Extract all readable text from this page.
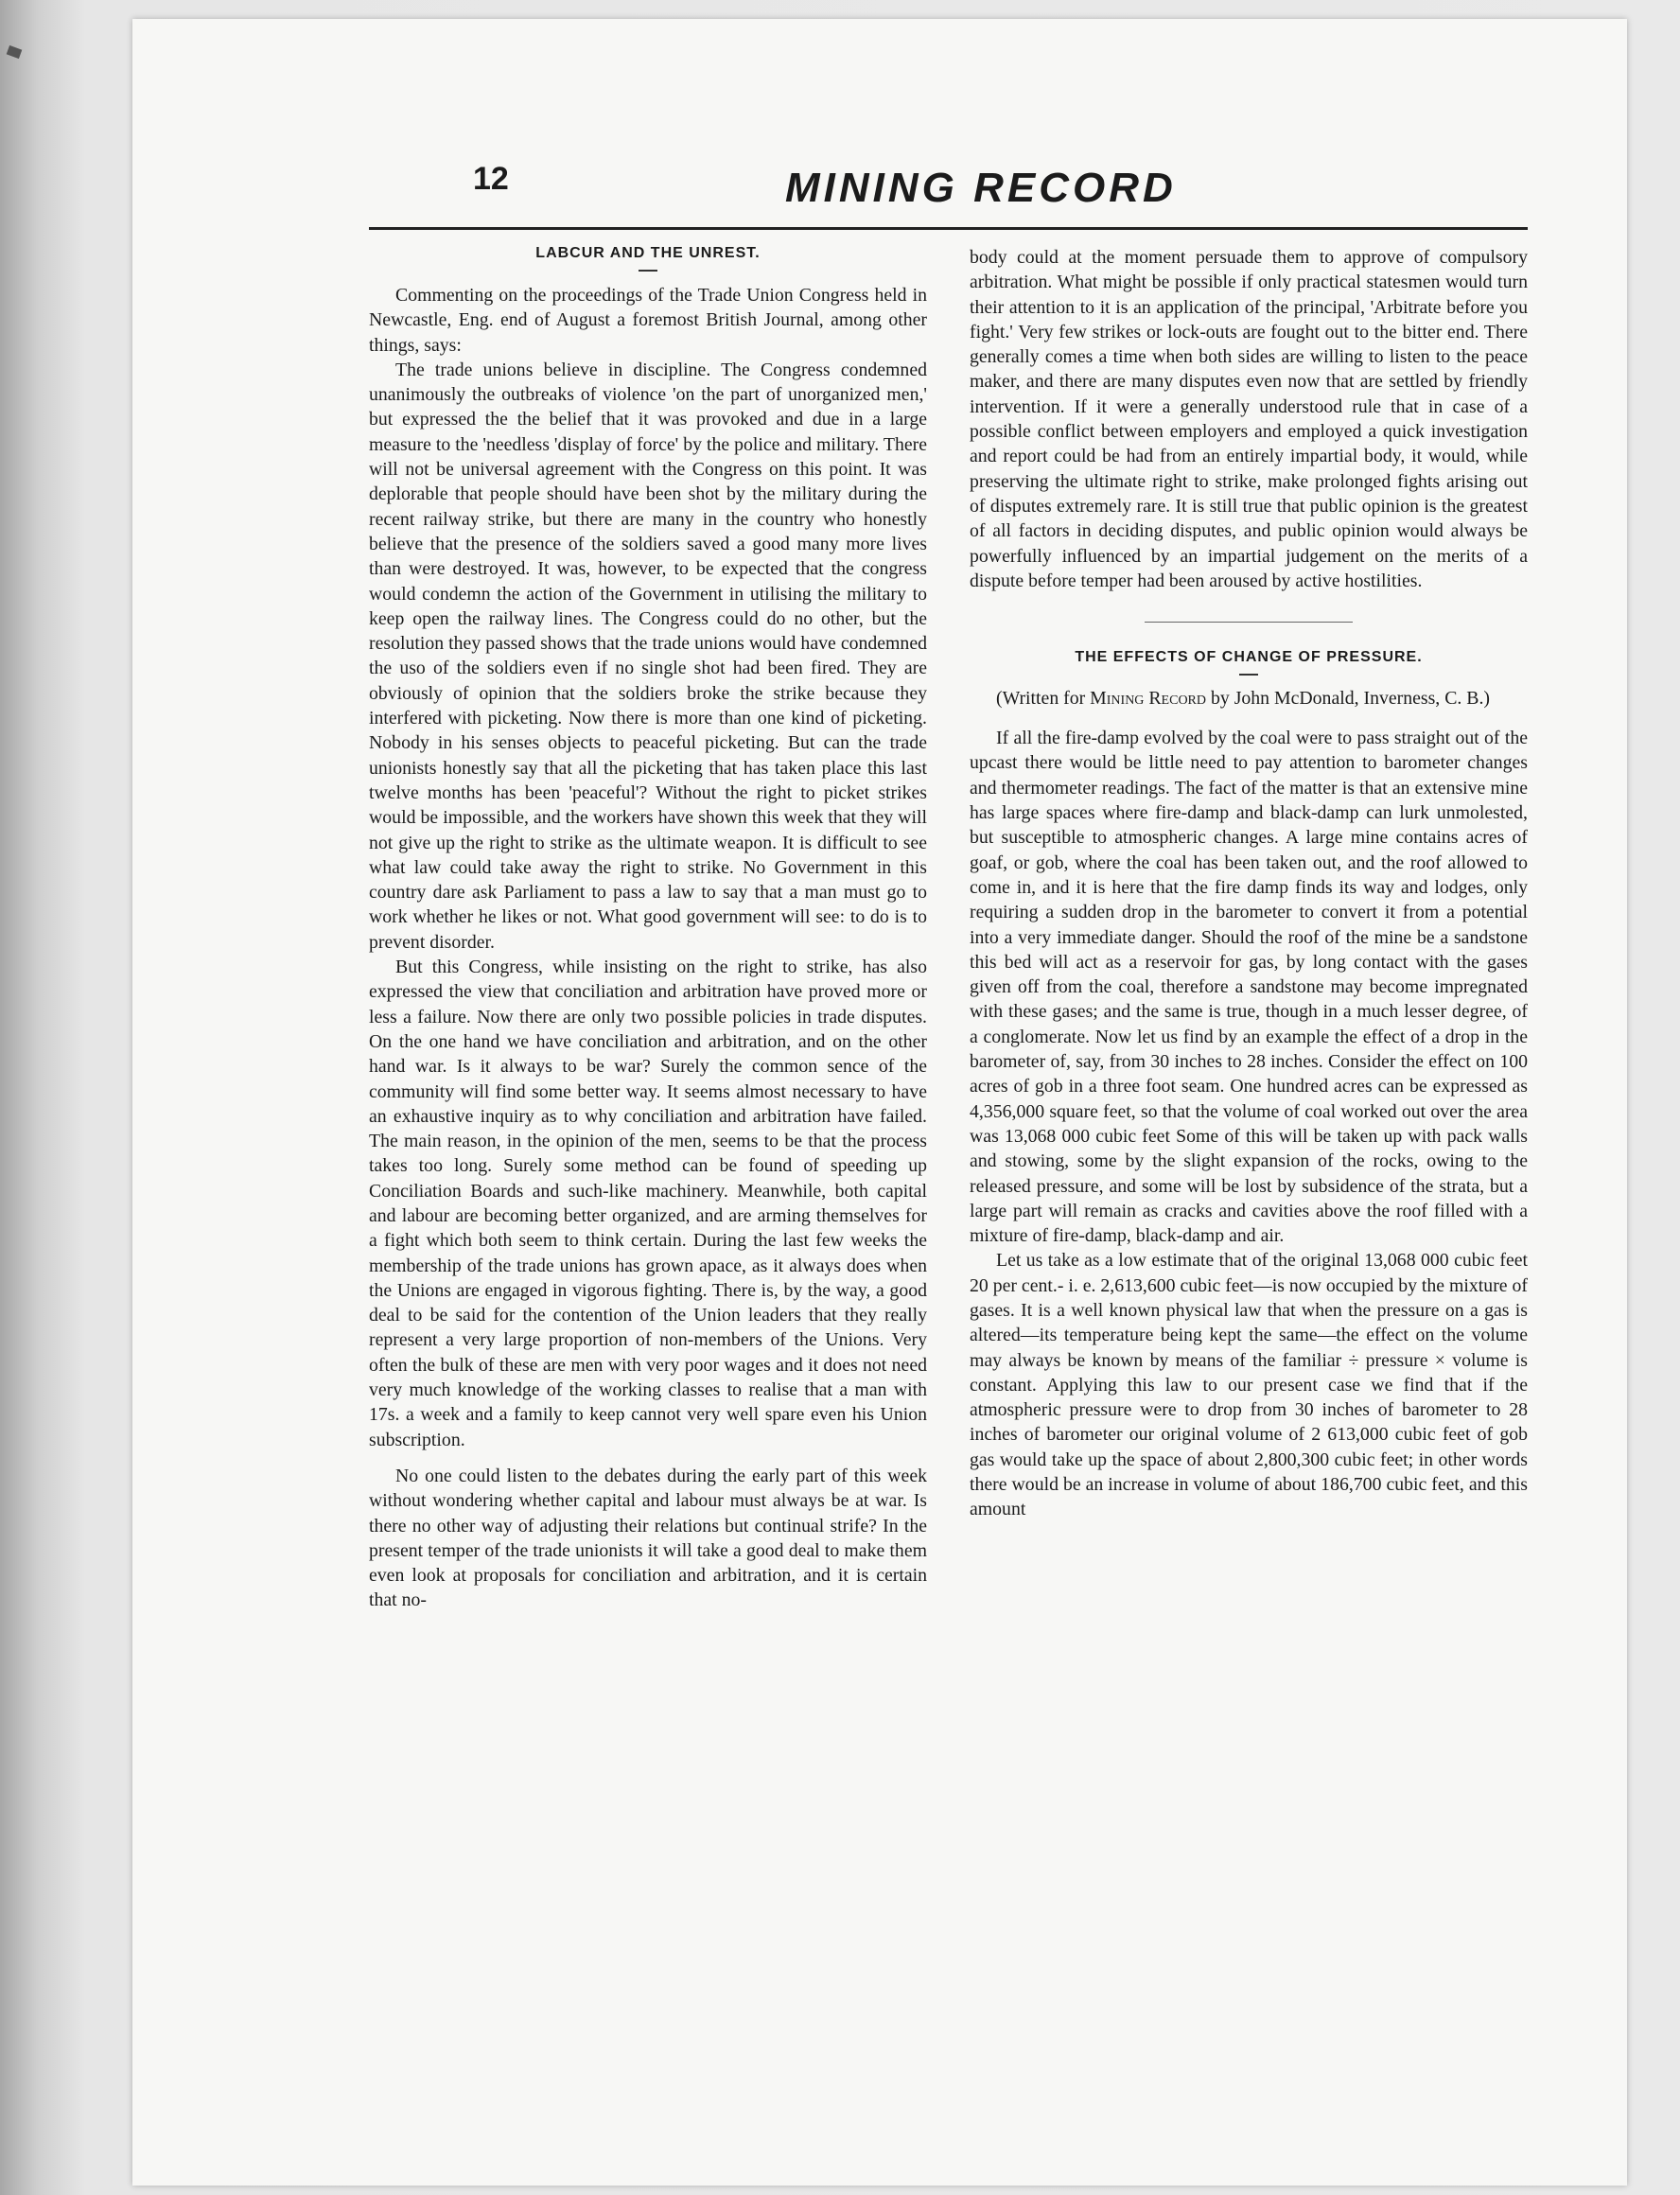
12	MINING RECORD
LABCUR AND THE UNREST.

Commenting on the proceedings of the Trade Union Congress held in Newcastle, Eng. end of August a foremost British Journal, among other things, says:

The trade unions believe in discipline. The Congress condemned unanimously the outbreaks of violence 'on the part of unorganized men,' but expressed the the belief that it was provoked and due in a large measure to the 'needless 'display of force' by the police and military. There will not be universal agreement with the Congress on this point. It was deplorable that people should have been shot by the military during the recent railway strike, but there are many in the country who honestly believe that the presence of the soldiers saved a good many more lives than were destroyed. It was, however, to be expected that the congress would condemn the action of the Government in utilising the military to keep open the railway lines. The Congress could do no other, but the resolution they passed shows that the trade unions would have condemned the uso of the soldiers even if no single shot had been fired. They are obviously of opinion that the soldiers broke the strike because they interfered with picketing. Now there is more than one kind of picketing. Nobody in his senses objects to peaceful picketing. But can the trade unionists honestly say that all the picketing that has taken place this last twelve months has been 'peaceful'? Without the right to picket strikes would be impossible, and the workers have shown this week that they will not give up the right to strike as the ultimate weapon. It is difficult to see what law could take away the right to strike. No Government in this country dare ask Parliament to pass a law to say that a man must go to work whether he likes or not. What good government will see: to do is to prevent disorder.

But this Congress, while insisting on the right to strike, has also expressed the view that conciliation and arbitration have proved more or less a failure. Now there are only two possible policies in trade disputes. On the one hand we have conciliation and arbitration, and on the other hand war. Is it always to be war? Surely the common sence of the community will find some better way. It seems almost necessary to have an exhaustive inquiry as to why conciliation and arbitration have failed. The main reason, in the opinion of the men, seems to be that the process takes too long. Surely some method can be found of speeding up Conciliation Boards and such-like machinery. Meanwhile, both capital and labour are becoming better organized, and are arming themselves for a fight which both seem to think certain. During the last few weeks the membership of the trade unions has grown apace, as it always does when the Unions are engaged in vigorous fighting. There is, by the way, a good deal to be said for the contention of the Union leaders that they really represent a very large proportion of non-members of the Unions. Very often the bulk of these are men with very poor wages and it does not need very much knowledge of the working classes to realise that a man with 17s. a week and a family to keep cannot very well spare even his Union subscription.

No one could listen to the debates during the early part of this week without wondering whether capital and labour must always be at war. Is there no other way of adjusting their relations but continual strife? In the present temper of the trade unionists it will take a good deal to make them even look at proposals for conciliation and arbitration, and it is certain that no-

body could at the moment persuade them to approve of compulsory arbitration. What might be possible if only practical statesmen would turn their attention to it is an application of the principal, 'Arbitrate before you fight.' Very few strikes or lock-outs are fought out to the bitter end. There generally comes a time when both sides are willing to listen to the peace maker, and there are many disputes even now that are settled by friendly intervention. If it were a generally understood rule that in case of a possible conflict between employers and employed a quick investigation and report could be had from an entirely impartial body, it would, while preserving the ultimate right to strike, make prolonged fights arising out of disputes extremely rare. It is still true that public opinion is the greatest of all factors in deciding disputes, and public opinion would always be powerfully influenced by an impartial judgement on the merits of a dispute before temper had been aroused by active hostilities.

THE EFFECTS OF CHANGE OF PRESSURE.

(Written for Mining Record by John McDonald, Inverness, C. B.)

If all the fire-damp evolved by the coal were to pass straight out of the upcast there would be little need to pay attention to barometer changes and thermometer readings. The fact of the matter is that an extensive mine has large spaces where fire-damp and black-damp can lurk unmolested, but susceptible to atmospheric changes. A large mine contains acres of goaf, or gob, where the coal has been taken out, and the roof allowed to come in, and it is here that the fire damp finds its way and lodges, only requiring a sudden drop in the barometer to convert it from a potential into a very immediate danger. Should the roof of the mine be a sandstone this bed will act as a reservoir for gas, by long contact with the gases given off from the coal, therefore a sandstone may become impregnated with these gases; and the same is true, though in a much lesser degree, of a conglomerate. Now let us find by an example the effect of a drop in the barometer of, say, from 30 inches to 28 inches. Consider the effect on 100 acres of gob in a three foot seam. One hundred acres can be expressed as 4,356,000 square feet, so that the volume of coal worked out over the area was 13,068 000 cubic feet Some of this will be taken up with pack walls and stowing, some by the slight expansion of the rocks, owing to the released pressure, and some will be lost by subsidence of the strata, but a large part will remain as cracks and cavities above the roof filled with a mixture of fire-damp, black-damp and air.

Let us take as a low estimate that of the original 13,068 000 cubic feet 20 per cent.- i. e. 2,613,600 cubic feet—is now occupied by the mixture of gases. It is a well known physical law that when the pressure on a gas is altered—its temperature being kept the same—the effect on the volume may always be known by means of the familiar ÷ pressure × volume is constant. Applying this law to our present case we find that if the atmospheric pressure were to drop from 30 inches of barometer to 28 inches of barometer our original volume of 2 613,000 cubic feet of gob gas would take up the space of about 2,800,300 cubic feet; in other words there would be an increase in volume of about 186,700 cubic feet, and this amount
